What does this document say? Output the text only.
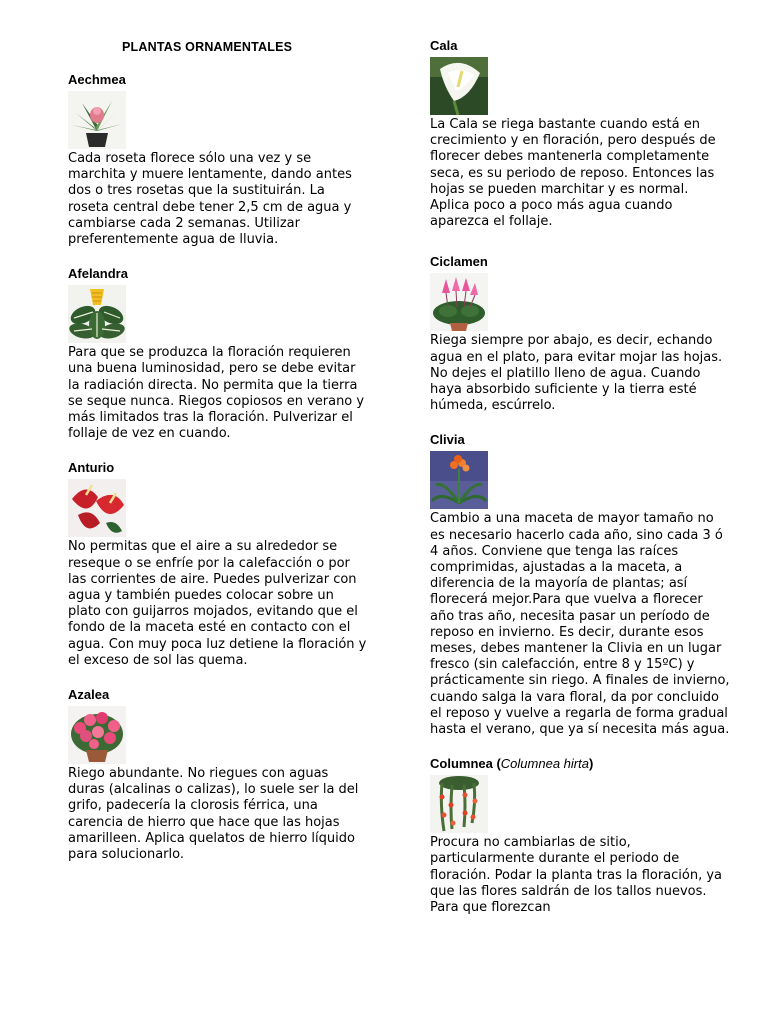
PLANTAS ORNAMENTALES
Aechmea

Cada roseta florece sólo una vez y se marchita y muere lentamente, dando antes dos o tres rosetas que la sustituirán. La roseta central debe tener 2,5 cm de agua y cambiarse cada 2 semanas. Utilizar preferentemente agua de lluvia.

Afelandra

Para que se produzca la floración requieren una buena luminosidad, pero se debe evitar la radiación directa. No permita que la tierra se seque nunca. Riegos copiosos en verano y más limitados tras la floración. Pulverizar el follaje de vez en cuando.

Anturio

No permitas que el aire a su alrededor se reseque o se enfríe por la calefacción o por las corrientes de aire. Puedes pulverizar con agua y también puedes colocar sobre un plato con guijarros mojados, evitando que el fondo de la maceta esté en contacto con el agua. Con muy poca luz detiene la floración y el exceso de sol las quema.

Azalea

Riego abundante. No riegues con aguas duras (alcalinas o calizas), lo suele ser la del grifo, padecería la clorosis férrica, una carencia de hierro que hace que las hojas amarilleen. Aplica quelatos de hierro líquido para solucionarlo.

Cala

La Cala se riega bastante cuando está en crecimiento y en floración, pero después de florecer debes mantenerla completamente seca, es su periodo de reposo. Entonces las hojas se pueden marchitar y es normal. Aplica poco a poco más agua cuando aparezca el follaje.

Ciclamen

Riega siempre por abajo, es decir, echando agua en el plato, para evitar mojar las hojas. No dejes el platillo lleno de agua. Cuando haya absorbido suficiente y la tierra esté húmeda, escúrrelo.

Clivia

Cambio a una maceta de mayor tamaño no es necesario hacerlo cada año, sino cada 3 ó 4 años. Conviene que tenga las raíces comprimidas, ajustadas a la maceta, a diferencia de la mayoría de plantas; así florecerá mejor.Para que vuelva a florecer año tras año, necesita pasar un período de reposo en invierno. Es decir, durante esos meses, debes mantener la Clivia en un lugar fresco (sin calefacción, entre 8 y 15ºC) y prácticamente sin riego. A finales de invierno, cuando salga la vara floral, da por concluido el reposo y vuelve a regarla de forma gradual hasta el verano, que ya sí necesita más agua.

Columnea (Columnea hirta)

Procura no cambiarlas de sitio, particularmente durante el periodo de floración. Podar la planta tras la floración, ya que las flores saldrán de los tallos nuevos. Para que florezcan
